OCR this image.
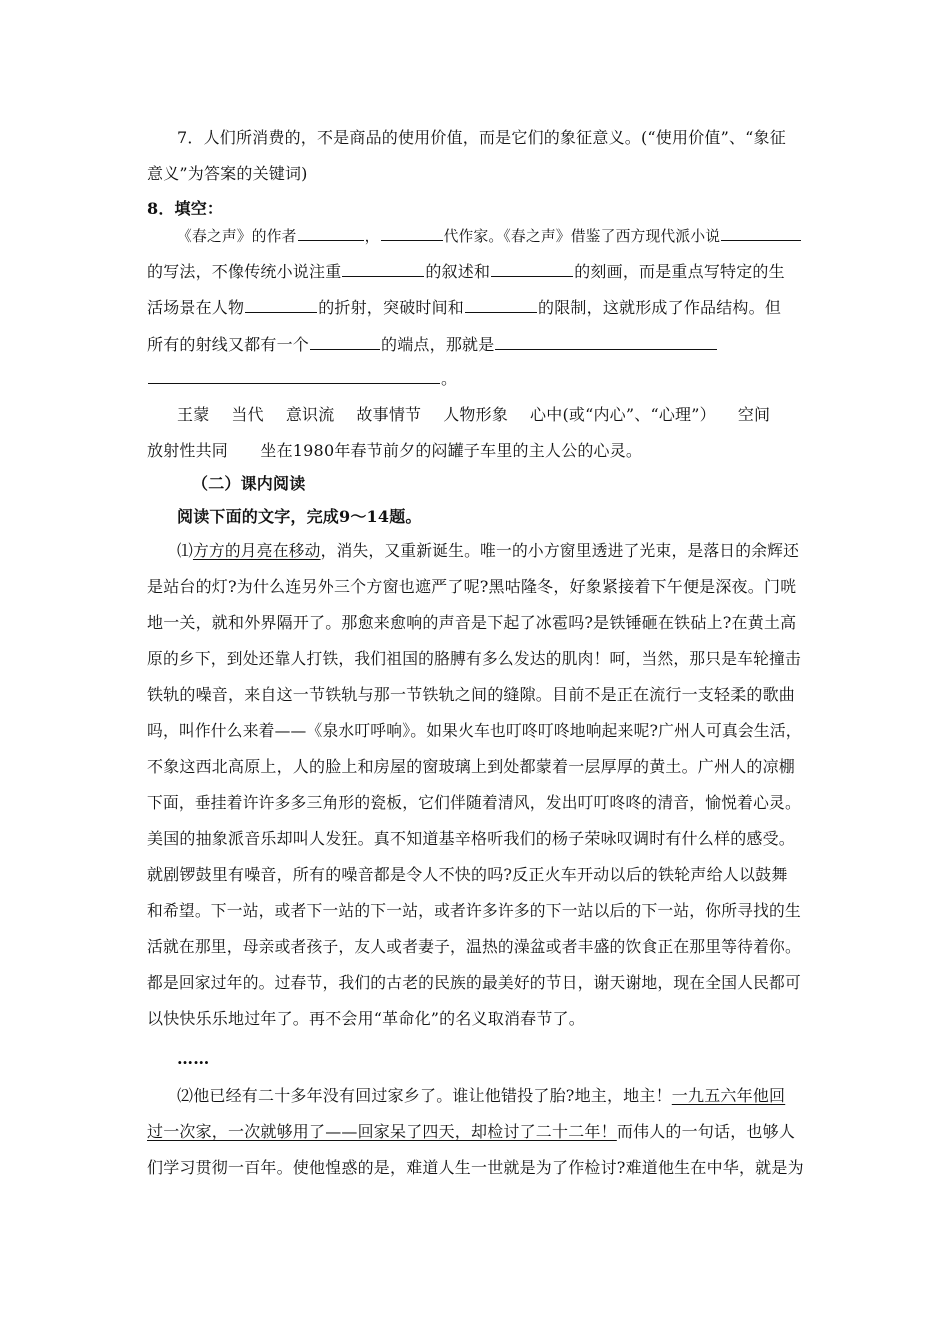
7．人们所消费的，不是商品的使用价值，而是它们的象征意义。(“使用价值”、“象征
意义”为答案的关键词)
8．填空：
《春之声》的作者	，	代作家。《春之声》借鉴了西方现代派小说
的写法，不像传统小说注重	的叙述和	的刻画，而是重点写特定的生
活场景在人物	的折射，突破时间和	的限制，这就形成了作品结构。但
所有的射线又都有一个	的端点，那就是
。
王蒙 当代 意识流 故事情节 人物形象 心中(或“内心”、“心理”） 空间
放射性共同　　坐在1980年春节前夕的闷罐子车里的主人公的心灵。
（二）课内阅读
阅读下面的文字，完成9～14题。
⑴方方的月亮在移动，消失，又重新诞生。唯一的小方窗里透进了光束，是落日的余辉还
是站台的灯?为什么连另外三个方窗也遮严了呢?黑咕隆冬，好象紧接着下午便是深夜。门咣
地一关，就和外界隔开了。那愈来愈响的声音是下起了冰雹吗?是铁锤砸在铁砧上?在黄土高
原的乡下，到处还靠人打铁，我们祖国的胳膊有多么发达的肌肉！呵，当然，那只是车轮撞击
铁轨的噪音，来自这一节铁轨与那一节铁轨之间的缝隙。目前不是正在流行一支轻柔的歌曲
吗，叫作什么来着——《泉水叮呼响》。如果火车也叮咚叮咚地响起来呢?广州人可真会生活，
不象这西北高原上，人的脸上和房屋的窗玻璃上到处都蒙着一层厚厚的黄土。广州人的凉棚
下面，垂挂着许许多多三角形的瓷板，它们伴随着清风，发出叮叮咚咚的清音，愉悦着心灵。
美国的抽象派音乐却叫人发狂。真不知道基辛格听我们的杨子荣咏叹调时有什么样的感受。
就剧锣鼓里有噪音，所有的噪音都是令人不快的吗?反正火车开动以后的铁轮声给人以鼓舞
和希望。下一站，或者下一站的下一站，或者许多许多的下一站以后的下一站，你所寻找的生
活就在那里，母亲或者孩子，友人或者妻子，温热的澡盆或者丰盛的饮食正在那里等待着你。
都是回家过年的。过春节，我们的古老的民族的最美好的节日，谢天谢地，现在全国人民都可
以快快乐乐地过年了。再不会用“革命化”的名义取消春节了。
……
⑵他已经有二十多年没有回过家乡了。谁让他错投了胎?地主，地主！一九五六年他回
过一次家，一次就够用了——回家呆了四天，却检讨了二十二年！而伟人的一句话，也够人
们学习贯彻一百年。使他惶惑的是，难道人生一世就是为了作检讨?难道他生在中华，就是为
